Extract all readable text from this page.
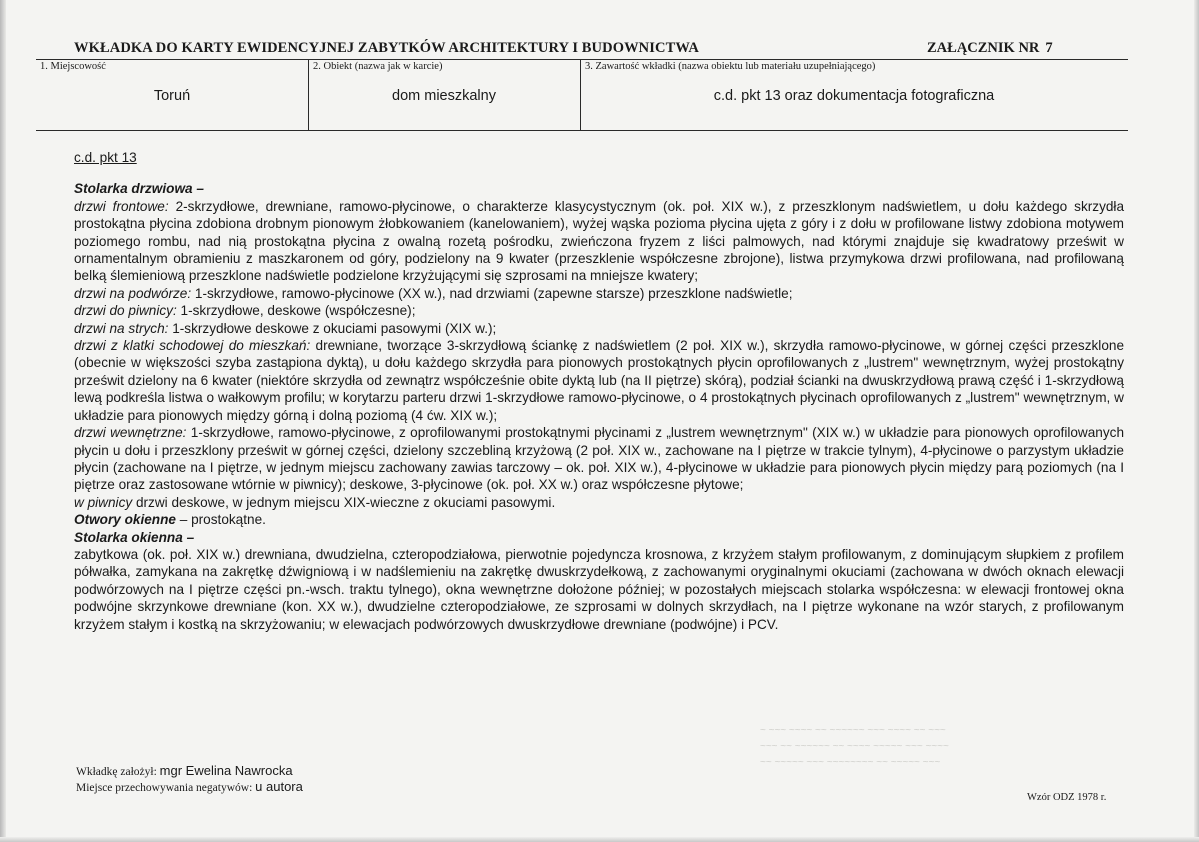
WKŁADKA DO KARTY EWIDENCYJNEJ ZABYTKÓW ARCHITEKTURY I BUDOWNICTWA	ZAŁĄCZNIK NR 7
1. Miejscowość	2. Obiekt (nazwa jak w karcie)	3. Zawartość wkładki (nazwa obiektu lub materiału uzupełniającego)
Toruń	dom mieszkalny	c.d. pkt 13 oraz dokumentacja fotograficzna

c.d. pkt 13

Stolarka drzwiowa –

drzwi frontowe: 2-skrzydłowe, drewniane, ramowo-płycinowe, o charakterze klasycystycznym (ok. poł. XIX w.), z przeszklonym nadświetlem, u dołu każdego skrzydła prostokątna płycina zdobiona drobnym pionowym żłobkowaniem (kanelowaniem), wyżej wąska pozioma płycina ujęta z góry i z dołu w profilowane listwy zdobiona motywem poziomego rombu, nad nią prostokątna płycina z owalną rozetą pośrodku, zwieńczona fryzem z liści palmowych, nad którymi znajduje się kwadratowy prześwit w ornamentalnym obramieniu z maszkaronem od góry, podzielony na 9 kwater (przeszklenie współczesne zbrojone), listwa przymykowa drzwi profilowana, nad profilowaną belką ślemieniową przeszklone nadświetle podzielone krzyżującymi się szprosami na mniejsze kwatery;

drzwi na podwórze: 1-skrzydłowe, ramowo-płycinowe (XX w.), nad drzwiami (zapewne starsze) przeszklone nadświetle;

drzwi do piwnicy: 1-skrzydłowe, deskowe (współczesne);

drzwi na strych: 1-skrzydłowe deskowe z okuciami pasowymi (XIX w.);

drzwi z klatki schodowej do mieszkań: drewniane, tworzące 3-skrzydłową ściankę z nadświetlem (2 poł. XIX w.), skrzydła ramowo-płycinowe, w górnej części przeszklone (obecnie w większości szyba zastąpiona dyktą), u dołu każdego skrzydła para pionowych prostokątnych płycin oprofilowanych z „lustrem" wewnętrznym, wyżej prostokątny prześwit dzielony na 6 kwater (niektóre skrzydła od zewnątrz współcześnie obite dyktą lub (na II piętrze) skórą), podział ścianki na dwuskrzydłową prawą część i 1-skrzydłową lewą podkreśla listwa o wałkowym profilu; w korytarzu parteru drzwi 1-skrzydłowe ramowo-płycinowe, o 4 prostokątnych płycinach oprofilowanych z „lustrem" wewnętrznym, w układzie para pionowych między górną i dolną poziomą (4 ćw. XIX w.);

drzwi wewnętrzne: 1-skrzydłowe, ramowo-płycinowe, z oprofilowanymi prostokątnymi płycinami z „lustrem wewnętrznym" (XIX w.) w układzie para pionowych oprofilowanych płycin u dołu i przeszklony prześwit w górnej części, dzielony szczebliną krzyżową (2 poł. XIX w., zachowane na I piętrze w trakcie tylnym), 4-płycinowe o parzystym układzie płycin (zachowane na I piętrze, w jednym miejscu zachowany zawias tarczowy – ok. poł. XIX w.), 4-płycinowe w układzie para pionowych płycin między parą poziomych (na I piętrze oraz zastosowane wtórnie w piwnicy); deskowe, 3-płycinowe (ok. poł. XX w.) oraz współczesne płytowe;

w piwnicy drzwi deskowe, w jednym miejscu XIX-wieczne z okuciami pasowymi.

Otwory okienne – prostokątne.

Stolarka okienna –

zabytkowa (ok. poł. XIX w.) drewniana, dwudzielna, czteropodziałowa, pierwotnie pojedyncza krosnowa, z krzyżem stałym profilowanym, z dominującym słupkiem z profilem półwałka, zamykana na zakrętkę dźwigniową i w nadślemieniu na zakrętkę dwuskrzydełkową, z zachowanymi oryginalnymi okuciami (zachowana w dwóch oknach elewacji podwórzowych na I piętrze części pn.-wsch. traktu tylnego), okna wewnętrzne dołożone później; w pozostałych miejscach stolarka współczesna: w elewacji frontowej okna podwójne skrzynkowe drewniane (kon. XX w.), dwudzielne czteropodziałowe, ze szprosami w dolnych skrzydłach, na I piętrze wykonane na wzór starych, z profilowanym krzyżem stałym i kostką na skrzyżowaniu; w elewacjach podwórzowych dwuskrzydłowe drewniane (podwójne) i PCV.

~ ~~~ ~~~~ ~~ ~~~~~~ ~~~ ~~~~ ~~ ~~~
~~~ ~~ ~~~~~~ ~~ ~~~~ ~~~~~ ~~~ ~~~~
~~ ~~~~~ ~~~ ~~~~~~~~ ~~ ~~~~~ ~~~
Wkładkę założył: mgr Ewelina Nawrocka
Miejsce przechowywania negatywów: u autora
Wzór ODZ 1978 r.
